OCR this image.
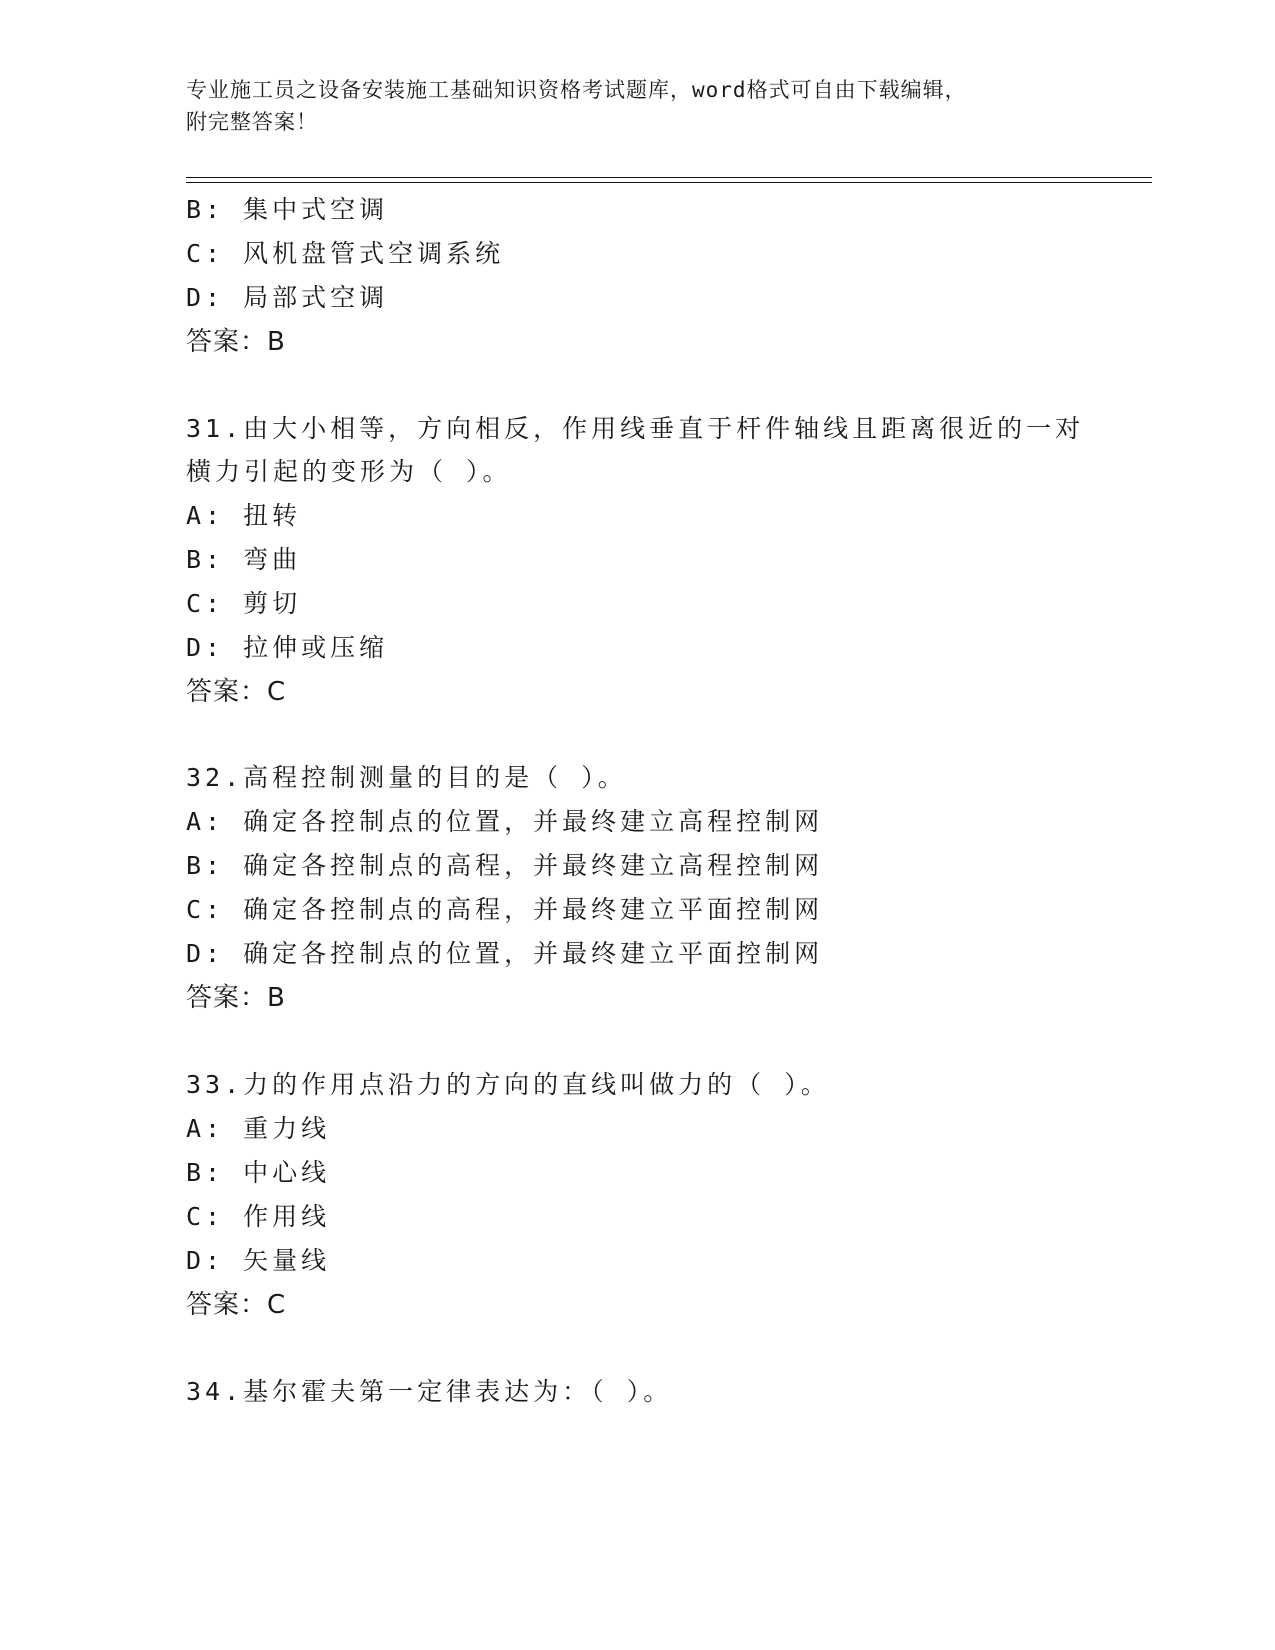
专业施工员之设备安装施工基础知识资格考试题库，word格式可自由下载编辑，
附完整答案！
B: 集中式空调
C: 风机盘管式空调系统
D: 局部式空调
答案：B
31.由大小相等，方向相反，作用线垂直于杆件轴线且距离很近的一对
横力引起的变形为（ ）。
A: 扭转
B: 弯曲
C: 剪切
D: 拉伸或压缩
答案：C
32.高程控制测量的目的是（ ）。
A: 确定各控制点的位置，并最终建立高程控制网
B: 确定各控制点的高程，并最终建立高程控制网
C: 确定各控制点的高程，并最终建立平面控制网
D: 确定各控制点的位置，并最终建立平面控制网
答案：B
33.力的作用点沿力的方向的直线叫做力的（ ）。
A: 重力线
B: 中心线
C: 作用线
D: 矢量线
答案：C
34.基尔霍夫第一定律表达为：（ ）。
